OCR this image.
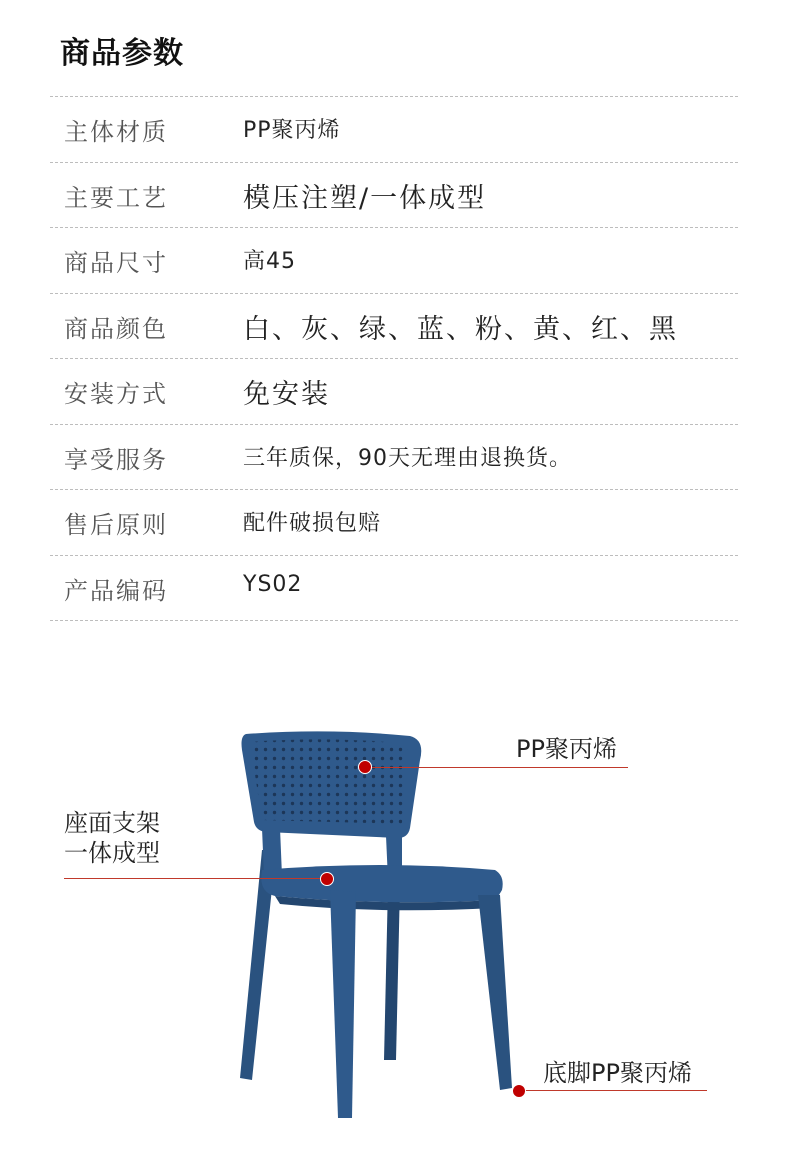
商品参数
主体材质	PP聚丙烯
主要工艺	模压注塑/一体成型
商品尺寸	高45
商品颜色	白、灰、绿、蓝、粉、黄、红、黑
安装方式	免安装
享受服务	三年质保，90天无理由退换货。
售后原则	配件破损包赔
产品编码	YS02
PP聚丙烯
座面支架
一体成型
底脚PP聚丙烯
